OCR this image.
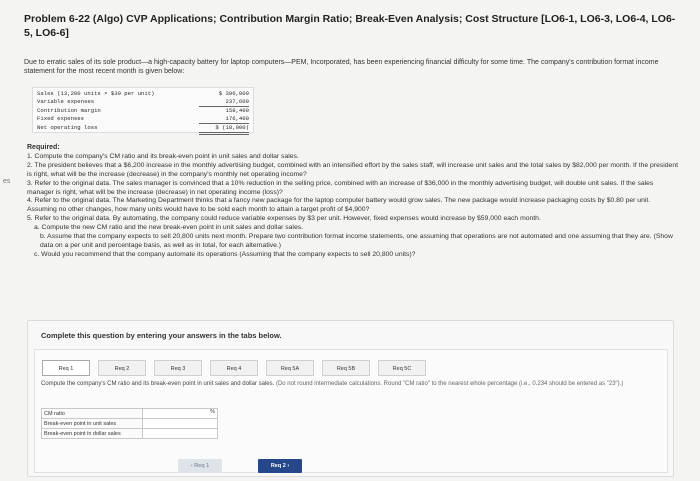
es
Problem 6-22 (Algo) CVP Applications; Contribution Margin Ratio; Break-Even Analysis; Cost Structure [LO6-1, LO6-3, LO6-4, LO6-5, LO6-6]
Due to erratic sales of its sole product—a high-capacity battery for laptop computers—PEM, Incorporated, has been experiencing financial difficulty for some time. The company's contribution format income statement for the most recent month is given below:
Sales (13,200 units × $30 per unit)	$ 396,000
Variable expenses	237,600
Contribution margin	158,400
Fixed expenses	176,400
Net operating loss	$ (18,000)
Required:
1. Compute the company's CM ratio and its break-even point in unit sales and dollar sales.
2. The president believes that a $6,200 increase in the monthly advertising budget, combined with an intensified effort by the sales staff, will increase unit sales and the total sales by $82,000 per month. If the president is right, what will be the increase (decrease) in the company's monthly net operating income?
3. Refer to the original data. The sales manager is convinced that a 10% reduction in the selling price, combined with an increase of $36,000 in the monthly advertising budget, will double unit sales. If the sales manager is right, what will be the increase (decrease) in net operating income (loss)?
4. Refer to the original data. The Marketing Department thinks that a fancy new package for the laptop computer battery would grow sales. The new package would increase packaging costs by $0.80 per unit. Assuming no other changes, how many units would have to be sold each month to attain a target profit of $4,900?
5. Refer to the original data. By automating, the company could reduce variable expenses by $3 per unit. However, fixed expenses would increase by $59,000 each month.
a. Compute the new CM ratio and the new break-even point in unit sales and dollar sales.
b. Assume that the company expects to sell 20,800 units next month. Prepare two contribution format income statements, one assuming that operations are not automated and one assuming that they are. (Show data on a per unit and percentage basis, as well as in total, for each alternative.)
c. Would you recommend that the company automate its operations (Assuming that the company expects to sell 20,800 units)?
Complete this question by entering your answers in the tabs below.
Req 1	Req 2	Req 3	Req 4	Req 5A	Req 5B	Req 5C
Compute the company's CM ratio and its break-even point in unit sales and dollar sales. (Do not round intermediate calculations. Round "CM ratio" to the nearest whole percentage (i.e., 0.234 should be entered as "23").)
CM ratio	%

Break-even point in unit sales	
Break-even point in dollar sales	
‹ Req 1	Req 2 ›
